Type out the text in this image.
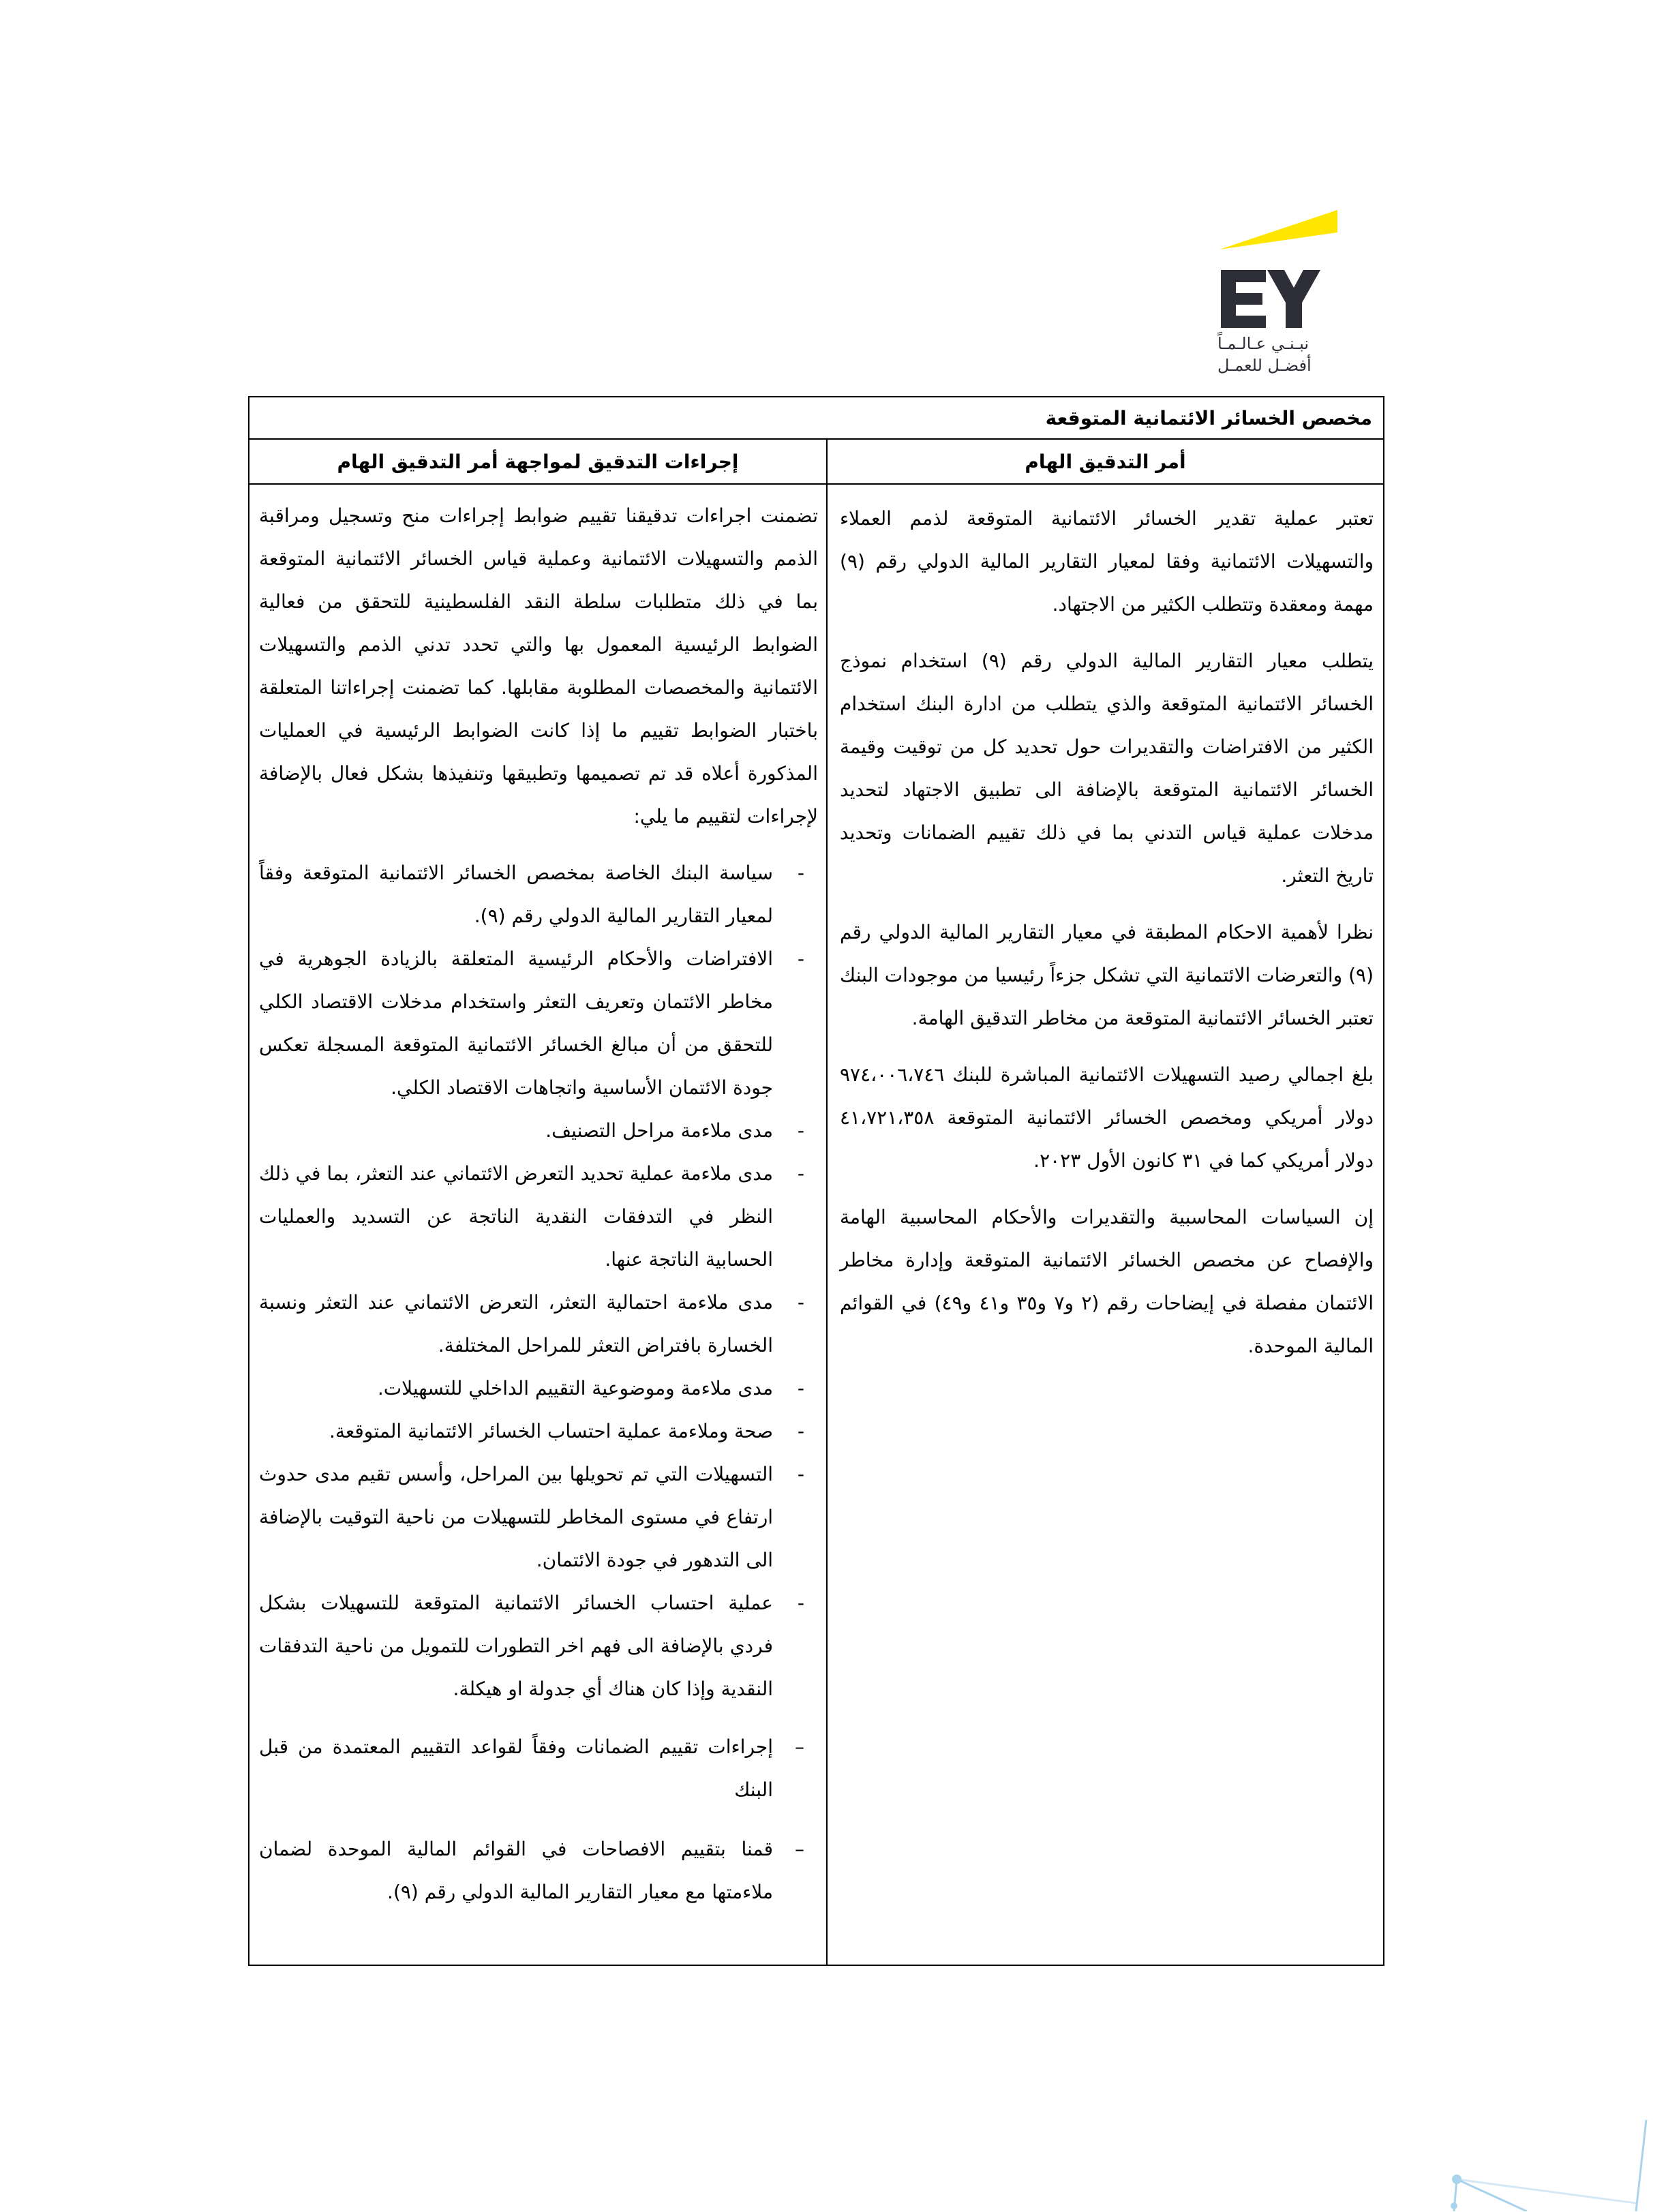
نبـنـي عـالـمـاً
أفضـل للعمـل
مخصص الخسائر الائتمانية المتوقعة
أمر التدقيق الهام
إجراءات التدقيق لمواجهة أمر التدقيق الهام

تعتبر عملية تقدير الخسائر الائتمانية المتوقعة لذمم العملاء والتسهيلات الائتمانية وفقا لمعيار التقارير المالية الدولي رقم (٩) مهمة ومعقدة وتتطلب الكثير من الاجتهاد.

يتطلب معيار التقارير المالية الدولي رقم (٩) استخدام نموذج الخسائر الائتمانية المتوقعة والذي يتطلب من ادارة البنك استخدام الكثير من الافتراضات والتقديرات حول تحديد كل من توقيت وقيمة الخسائر الائتمانية المتوقعة بالإضافة الى تطبيق الاجتهاد لتحديد مدخلات عملية قياس التدني بما في ذلك تقييم الضمانات وتحديد تاريخ التعثر.

نظرا لأهمية الاحكام المطبقة في معيار التقارير المالية الدولي رقم (٩) والتعرضات الائتمانية التي تشكل جزءاً رئيسيا من موجودات البنك تعتبر الخسائر الائتمانية المتوقعة من مخاطر التدقيق الهامة.

بلغ اجمالي رصيد التسهيلات الائتمانية المباشرة للبنك ٩٧٤،٠٠٦،٧٤٦ دولار أمريكي ومخصص الخسائر الائتمانية المتوقعة ٤١،٧٢١،٣٥٨ دولار أمريكي كما في ٣١ كانون الأول ٢٠٢٣.

إن السياسات المحاسبية والتقديرات والأحكام المحاسبية الهامة والإفصاح عن مخصص الخسائر الائتمانية المتوقعة وإدارة مخاطر الائتمان مفصلة في إيضاحات رقم (٢ و٧ و٣٥ و٤١ و٤٩) في القوائم المالية الموحدة.

تضمنت اجراءات تدقيقنا تقييم ضوابط إجراءات منح وتسجيل ومراقبة الذمم والتسهيلات الائتمانية وعملية قياس الخسائر الائتمانية المتوقعة بما في ذلك متطلبات سلطة النقد الفلسطينية للتحقق من فعالية الضوابط الرئيسية المعمول بها والتي تحدد تدني الذمم والتسهيلات الائتمانية والمخصصات المطلوبة مقابلها. كما تضمنت إجراءاتنا المتعلقة باختبار الضوابط تقييم ما إذا كانت الضوابط الرئيسية في العمليات المذكورة أعلاه قد تم تصميمها وتطبيقها وتنفيذها بشكل فعال بالإضافة لإجراءات لتقييم ما يلي:

-
سياسة البنك الخاصة بمخصص الخسائر الائتمانية المتوقعة وفقاً لمعيار التقارير المالية الدولي رقم (٩).
-
الافتراضات والأحكام الرئيسية المتعلقة بالزيادة الجوهرية في مخاطر الائتمان وتعريف التعثر واستخدام مدخلات الاقتصاد الكلي للتحقق من أن مبالغ الخسائر الائتمانية المتوقعة المسجلة تعكس جودة الائتمان الأساسية واتجاهات الاقتصاد الكلي.
-
مدى ملاءمة مراحل التصنيف.
-
مدى ملاءمة عملية تحديد التعرض الائتماني عند التعثر، بما في ذلك النظر في التدفقات النقدية الناتجة عن التسديد والعمليات الحسابية الناتجة عنها.
-
مدى ملاءمة احتمالية التعثر، التعرض الائتماني عند التعثر ونسبة الخسارة بافتراض التعثر للمراحل المختلفة.
-
مدى ملاءمة وموضوعية التقييم الداخلي للتسهيلات.
-
صحة وملاءمة عملية احتساب الخسائر الائتمانية المتوقعة.
-
التسهيلات التي تم تحويلها بين المراحل، وأسس تقيم مدى حدوث ارتفاع في مستوى المخاطر للتسهيلات من ناحية التوقيت بالإضافة الى التدهور في جودة الائتمان.
-
عملية احتساب الخسائر الائتمانية المتوقعة للتسهيلات بشكل فردي بالإضافة الى فهم اخر التطورات للتمويل من ناحية التدفقات النقدية وإذا كان هناك أي جدولة او هيكلة.
–
إجراءات تقييم الضمانات وفقاً لقواعد التقييم المعتمدة من قبل البنك
–
قمنا بتقييم الافصاحات في القوائم المالية الموحدة لضمان ملاءمتها مع معيار التقارير المالية الدولي رقم (٩).
